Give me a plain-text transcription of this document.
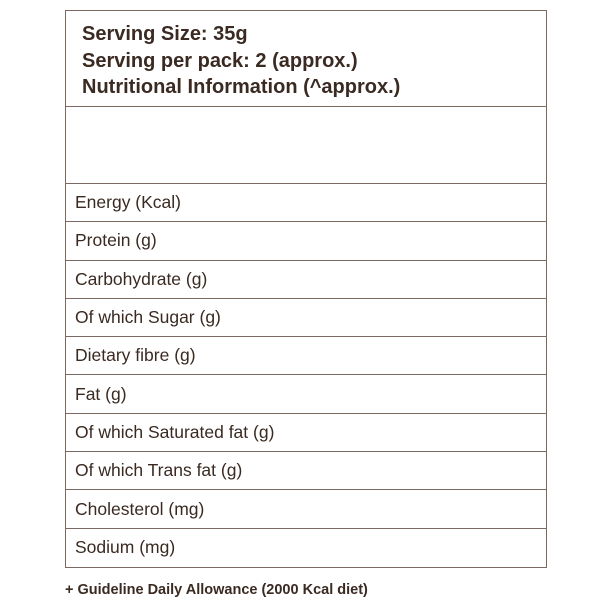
Serving Size: 35g
Serving per pack: 2 (approx.)
Nutritional Information (^approx.)
Energy (Kcal)
Protein (g)
Carbohydrate (g)
Of which Sugar (g)
Dietary fibre (g)
Fat (g)
Of which Saturated fat (g)
Of which Trans fat (g)
Cholesterol (mg)
Sodium (mg)
+ Guideline Daily Allowance (2000 Kcal diet)
